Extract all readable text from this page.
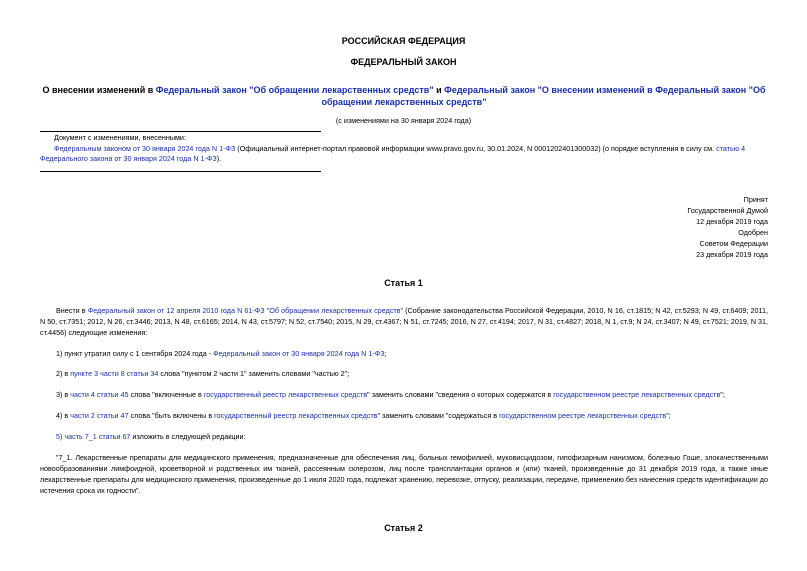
РОССИЙСКАЯ ФЕДЕРАЦИЯ
ФЕДЕРАЛЬНЫЙ ЗАКОН
О внесении изменений в Федеральный закон "Об обращении лекарственных средств" и Федеральный закон "О внесении изменений в Федеральный закон "Об обращении лекарственных средств"
(с изменениями на 30 января 2024 года)
Документ с изменениями, внесенными:
Федеральным законом от 30 января 2024 года N 1-ФЗ (Официальный интернет-портал правовой информации www.pravo.gov.ru, 30.01.2024, N 0001202401300032) (о порядке вступления в силу см. статью 4 Федерального закона от 30 января 2024 года N 1-ФЗ).
Принят
Государственной Думой
12 декабря 2019 года
Одобрен
Советом Федерации
23 декабря 2019 года
Статья 1
Внести в Федеральный закон от 12 апреля 2010 года N 61-ФЗ "Об обращении лекарственных средств" (Собрание законодательства Российской Федерации, 2010, N 16, ст.1815; N 42, ст.5293; N 49, ст.6409; 2011, N 50, ст.7351; 2012, N 26, ст.3446; 2013, N 48, ст.6165; 2014, N 43, ст.5797; N 52, ст.7540; 2015, N 29, ст.4367; N 51, ст.7245; 2016, N 27, ст.4194; 2017, N 31, ст.4827; 2018, N 1, ст.9; N 24, ст.3407; N 49, ст.7521; 2019, N 31, ст.4456) следующие изменения:
1) пункт утратил силу с 1 сентября 2024 года - Федеральный закон от 30 января 2024 года N 1-ФЗ;
2) в пункте 3 части 8 статьи 34 слова "пунктом 2 части 1" заменить словами "частью 2";
3) в части 4 статьи 45 слова "включенные в государственный реестр лекарственных средств" заменить словами "сведения о которых содержатся в государственном реестре лекарственных средств";
4) в части 2 статьи 47 слова "быть включены в государственный реестр лекарственных средств" заменить словами "содержаться в государственном реестре лекарственных средств";
5) часть 7_1 статьи 67 изложить в следующей редакции:
"7_1. Лекарственные препараты для медицинского применения, предназначенные для обеспечения лиц, больных гемофилией, муковисцидозом, гипофизарным нанизмом, болезнью Гоше, злокачественными новообразованиями лимфоидной, кроветворной и родственных им тканей, рассеянным склерозом, лиц после трансплантации органов и (или) тканей, произведенные до 31 декабря 2019 года, а также иные лекарственные препараты для медицинского применения, произведенные до 1 июля 2020 года, подлежат хранению, перевозке, отпуску, реализации, передаче, применению без нанесения средств идентификации до истечения срока их годности".
Статья 2
